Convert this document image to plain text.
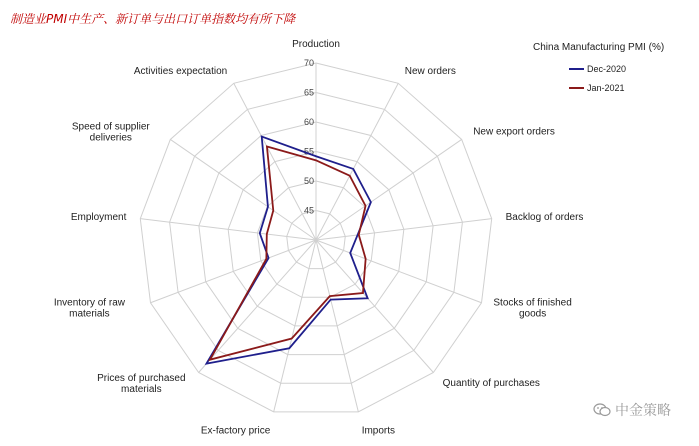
制造业PMI中生产、新订单与出口订单指数均有所下降
45
50
55
60
65
70
Production
New orders
New export orders
Backlog of orders
Stocks of finished goods
Quantity of purchases
Imports
Ex-factory price
Prices of purchased materials
Inventory of raw materials
Employment
Speed of supplier deliveries
Activities expectation
China Manufacturing PMI (%)
Dec-2020
Jan-2021
中金策略
